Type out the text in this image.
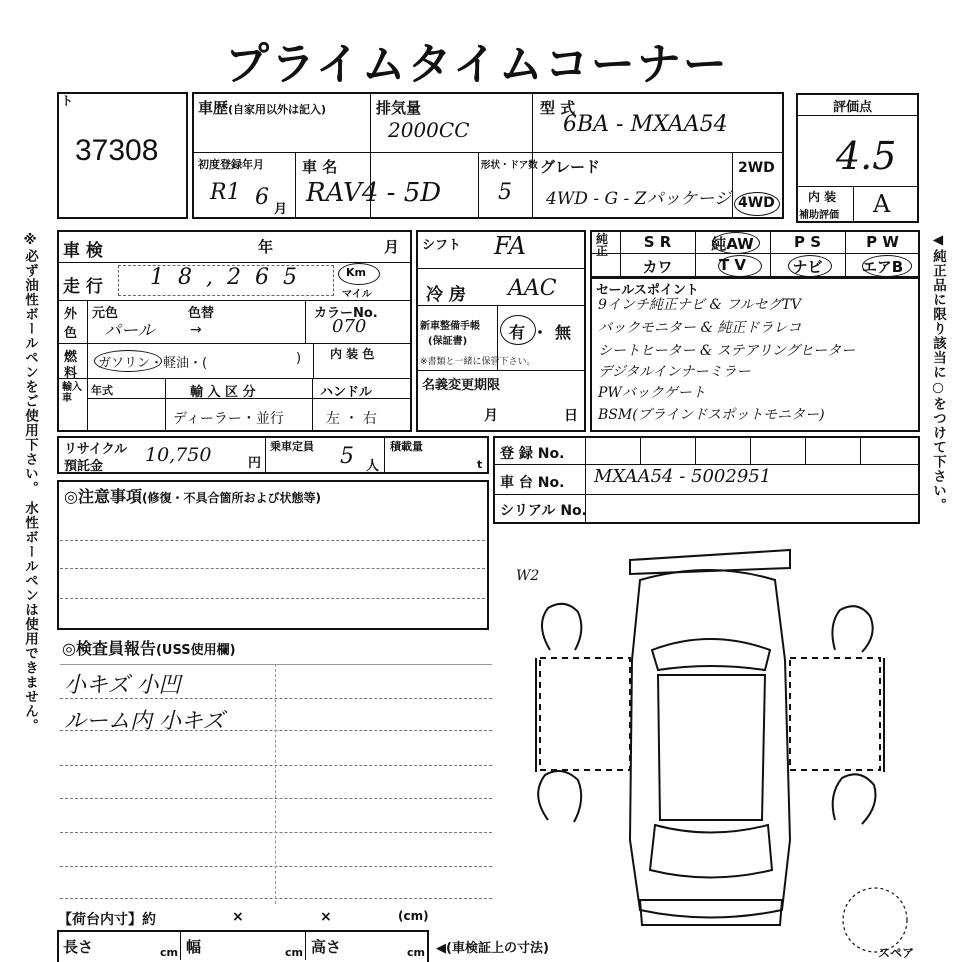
プライムタイムコーナー
※必ず油性ボールペンをご使用下さい。 水性ボールペンは使用できません。	◀純正品に限り該当に○をつけて下さい。
ト
37308
車歴(自家用以外は記入)	排気量
2000CC
型 式
6BA - MXAA54
初度登録年月
R1 6 月
車 名
RAV4 - 5D
形状・ドア数
5
グレード
4WD - G - Zパッケージ
2WD
4WD
評価点
4.5
内 装
補助評価 A
車 検	年	月
走 行 18,265	Km
マイル
外
色
元色	色替
パール	→
カラーNo.
070
燃
料
ガソリン・軽油・(	) 内 装 色
輸入車
年式	輸 入 区 分
ディーラー・並行
ハンドル
左 ・ 右
シフト FA
冷 房 AAC
新車整備手帳
(保証書)	有 ・ 無
※書類と一緒に保管下さい。
名義変更期限
月	日
純正	S R	純AW	P S	P W
カワ	T V	ナビ	エアB
セールスポイント
9インチ純正ナビ & フルセグTV
バックモニター & 純正ドラレコ
シートヒーター & ステアリングヒーター
デジタルインナーミラー
PWバックゲート
BSM(ブラインドスポットモニター)
リサイクル
預託金
10,750	円
乗車定員 5 人
積載量
t
登 録 No.
車 台 No. MXAA54 - 5002951
シリアル No.
◎注意事項(修復・不具合箇所および状態等)
◎検査員報告(USS使用欄)
小キズ 小凹
ルーム内 小キズ
【荷台内寸】約	×	×	(cm)
長さ	cm 幅	cm 高さ	cm ◀(車検証上の寸法)
W2
スペア
